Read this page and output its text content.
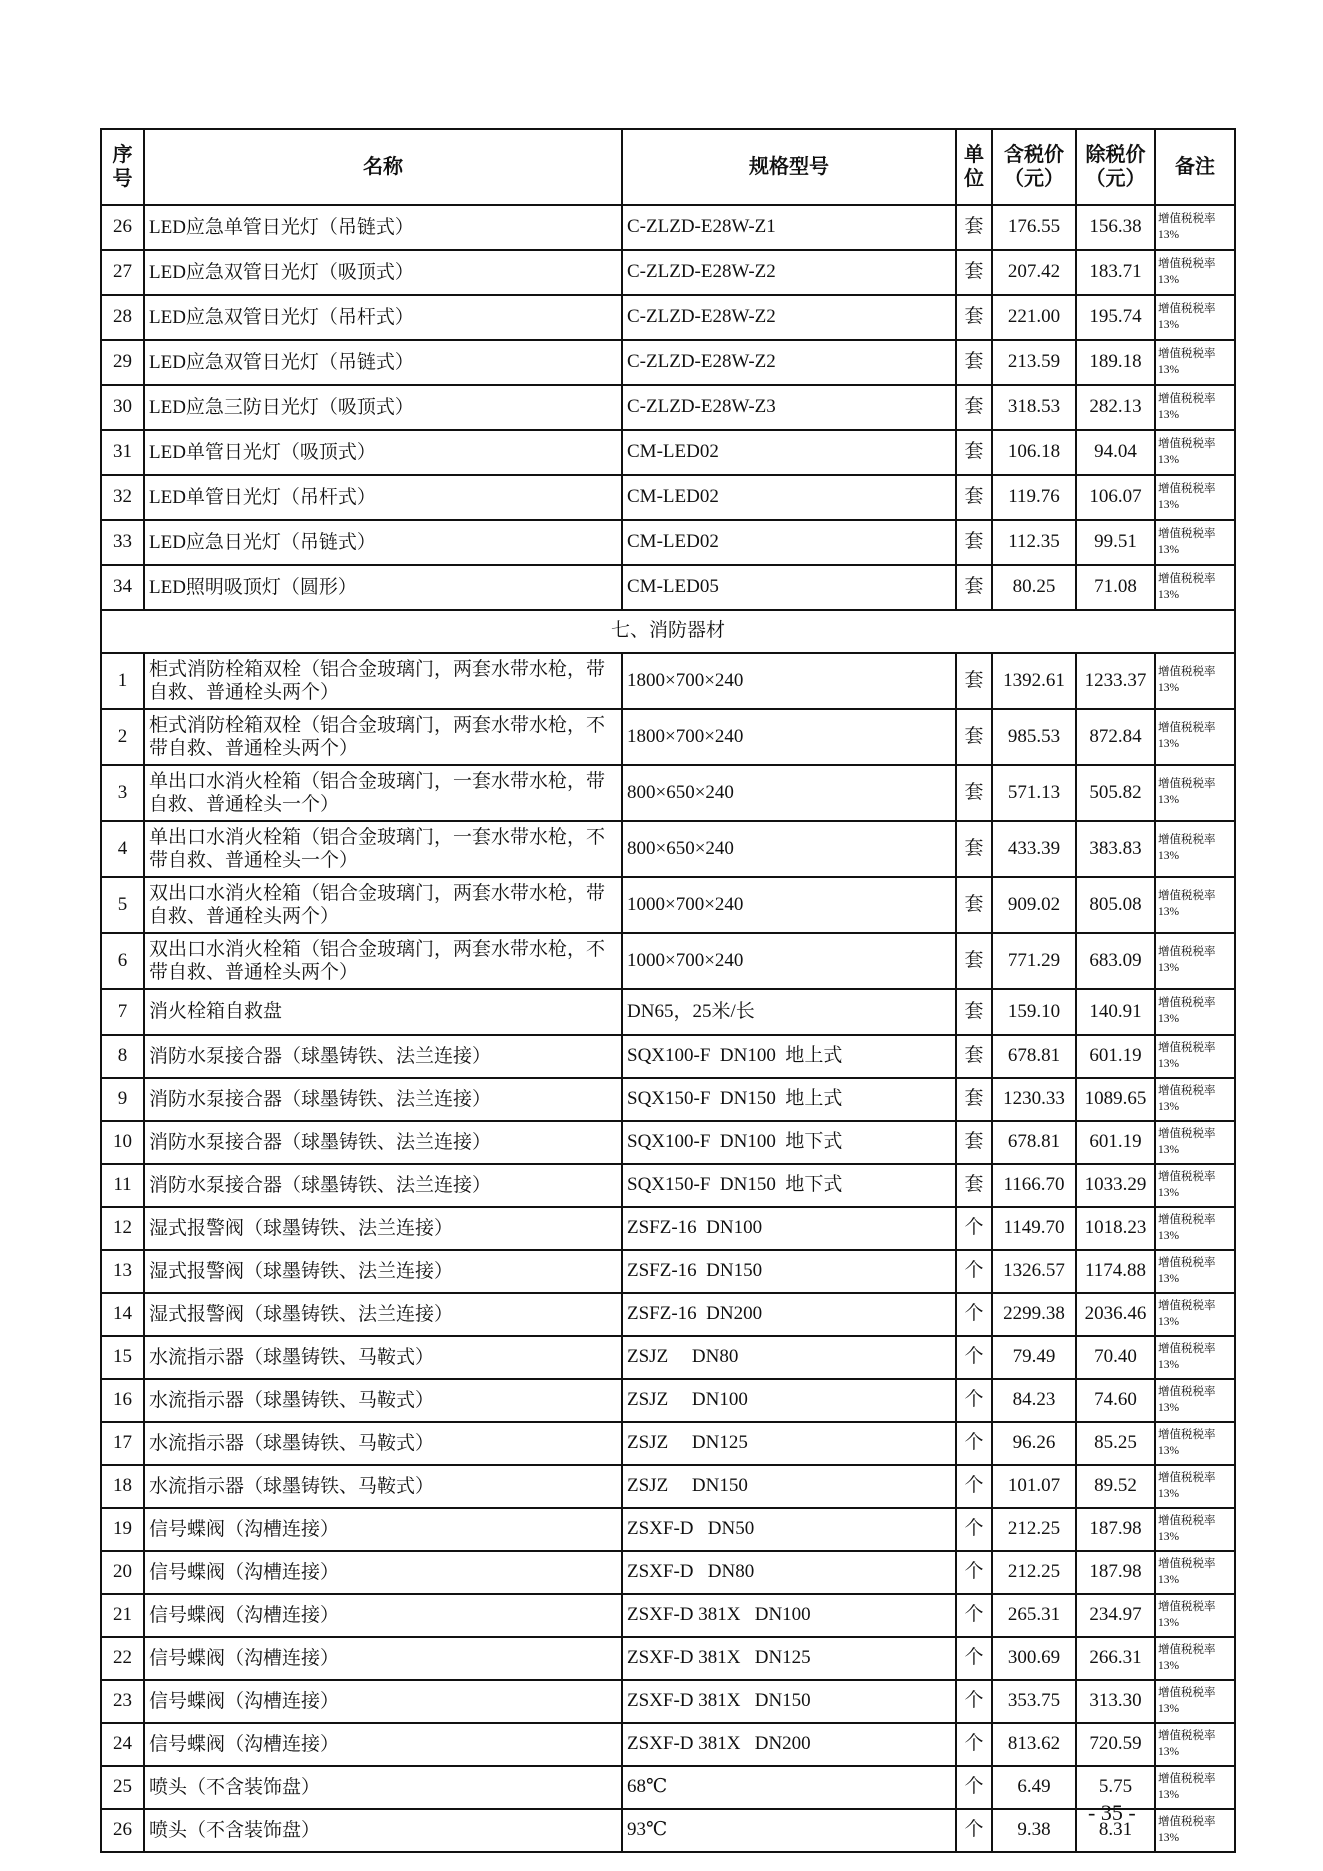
序号	名称	规格型号	单位	含税价（元）	除税价（元）	备注
26	LED应急单管日光灯（吊链式）	C-ZLZD-E28W-Z1	套	176.55	156.38	增值税税率
13%

27	LED应急双管日光灯（吸顶式）	C-ZLZD-E28W-Z2	套	207.42	183.71	增值税税率
13%

28	LED应急双管日光灯（吊杆式）	C-ZLZD-E28W-Z2	套	221.00	195.74	增值税税率
13%

29	LED应急双管日光灯（吊链式）	C-ZLZD-E28W-Z2	套	213.59	189.18	增值税税率
13%

30	LED应急三防日光灯（吸顶式）	C-ZLZD-E28W-Z3	套	318.53	282.13	增值税税率
13%

31	LED单管日光灯（吸顶式）	CM-LED02	套	106.18	94.04	增值税税率
13%

32	LED单管日光灯（吊杆式）	CM-LED02	套	119.76	106.07	增值税税率
13%

33	LED应急日光灯（吊链式）	CM-LED02	套	112.35	99.51	增值税税率
13%

34	LED照明吸顶灯（圆形）	CM-LED05	套	80.25	71.08	增值税税率
13%

七、消防器材						
1	柜式消防栓箱双栓（铝合金玻璃门，两套水带水枪，带自救、普通栓头两个）	1800×700×240	套	1392.61	1233.37	增值税税率
13%

2	柜式消防栓箱双栓（铝合金玻璃门，两套水带水枪，不带自救、普通栓头两个）	1800×700×240	套	985.53	872.84	增值税税率
13%

3	单出口水消火栓箱（铝合金玻璃门，一套水带水枪，带自救、普通栓头一个）	800×650×240	套	571.13	505.82	增值税税率
13%

4	单出口水消火栓箱（铝合金玻璃门，一套水带水枪，不带自救、普通栓头一个）	800×650×240	套	433.39	383.83	增值税税率
13%

5	双出口水消火栓箱（铝合金玻璃门，两套水带水枪，带自救、普通栓头两个）	1000×700×240	套	909.02	805.08	增值税税率
13%

6	双出口水消火栓箱（铝合金玻璃门，两套水带水枪，不带自救、普通栓头两个）	1000×700×240	套	771.29	683.09	增值税税率
13%

7	消火栓箱自救盘	DN65，25米/长	套	159.10	140.91	增值税税率
13%

8	消防水泵接合器（球墨铸铁、法兰连接）	SQX100-F  DN100  地上式	套	678.81	601.19	增值税税率
13%

9	消防水泵接合器（球墨铸铁、法兰连接）	SQX150-F  DN150  地上式	套	1230.33	1089.65	增值税税率
13%

10	消防水泵接合器（球墨铸铁、法兰连接）	SQX100-F  DN100  地下式	套	678.81	601.19	增值税税率
13%

11	消防水泵接合器（球墨铸铁、法兰连接）	SQX150-F  DN150  地下式	套	1166.70	1033.29	增值税税率
13%

12	湿式报警阀（球墨铸铁、法兰连接）	ZSFZ-16  DN100	个	1149.70	1018.23	增值税税率
13%

13	湿式报警阀（球墨铸铁、法兰连接）	ZSFZ-16  DN150	个	1326.57	1174.88	增值税税率
13%

14	湿式报警阀（球墨铸铁、法兰连接）	ZSFZ-16  DN200	个	2299.38	2036.46	增值税税率
13%

15	水流指示器（球墨铸铁、马鞍式）	ZSJZ     DN80	个	79.49	70.40	增值税税率
13%

16	水流指示器（球墨铸铁、马鞍式）	ZSJZ     DN100	个	84.23	74.60	增值税税率
13%

17	水流指示器（球墨铸铁、马鞍式）	ZSJZ     DN125	个	96.26	85.25	增值税税率
13%

18	水流指示器（球墨铸铁、马鞍式）	ZSJZ     DN150	个	101.07	89.52	增值税税率
13%

19	信号蝶阀（沟槽连接）	ZSXF-D   DN50	个	212.25	187.98	增值税税率
13%

20	信号蝶阀（沟槽连接）	ZSXF-D   DN80	个	212.25	187.98	增值税税率
13%

21	信号蝶阀（沟槽连接）	ZSXF-D 381X   DN100	个	265.31	234.97	增值税税率
13%

22	信号蝶阀（沟槽连接）	ZSXF-D 381X   DN125	个	300.69	266.31	增值税税率
13%

23	信号蝶阀（沟槽连接）	ZSXF-D 381X   DN150	个	353.75	313.30	增值税税率
13%

24	信号蝶阀（沟槽连接）	ZSXF-D 381X   DN200	个	813.62	720.59	增值税税率
13%

25	喷头（不含装饰盘）	68℃	个	6.49	5.75	增值税税率
13%

26	喷头（不含装饰盘）	93℃	个	9.38	8.31	增值税税率
13%
- 35 -
